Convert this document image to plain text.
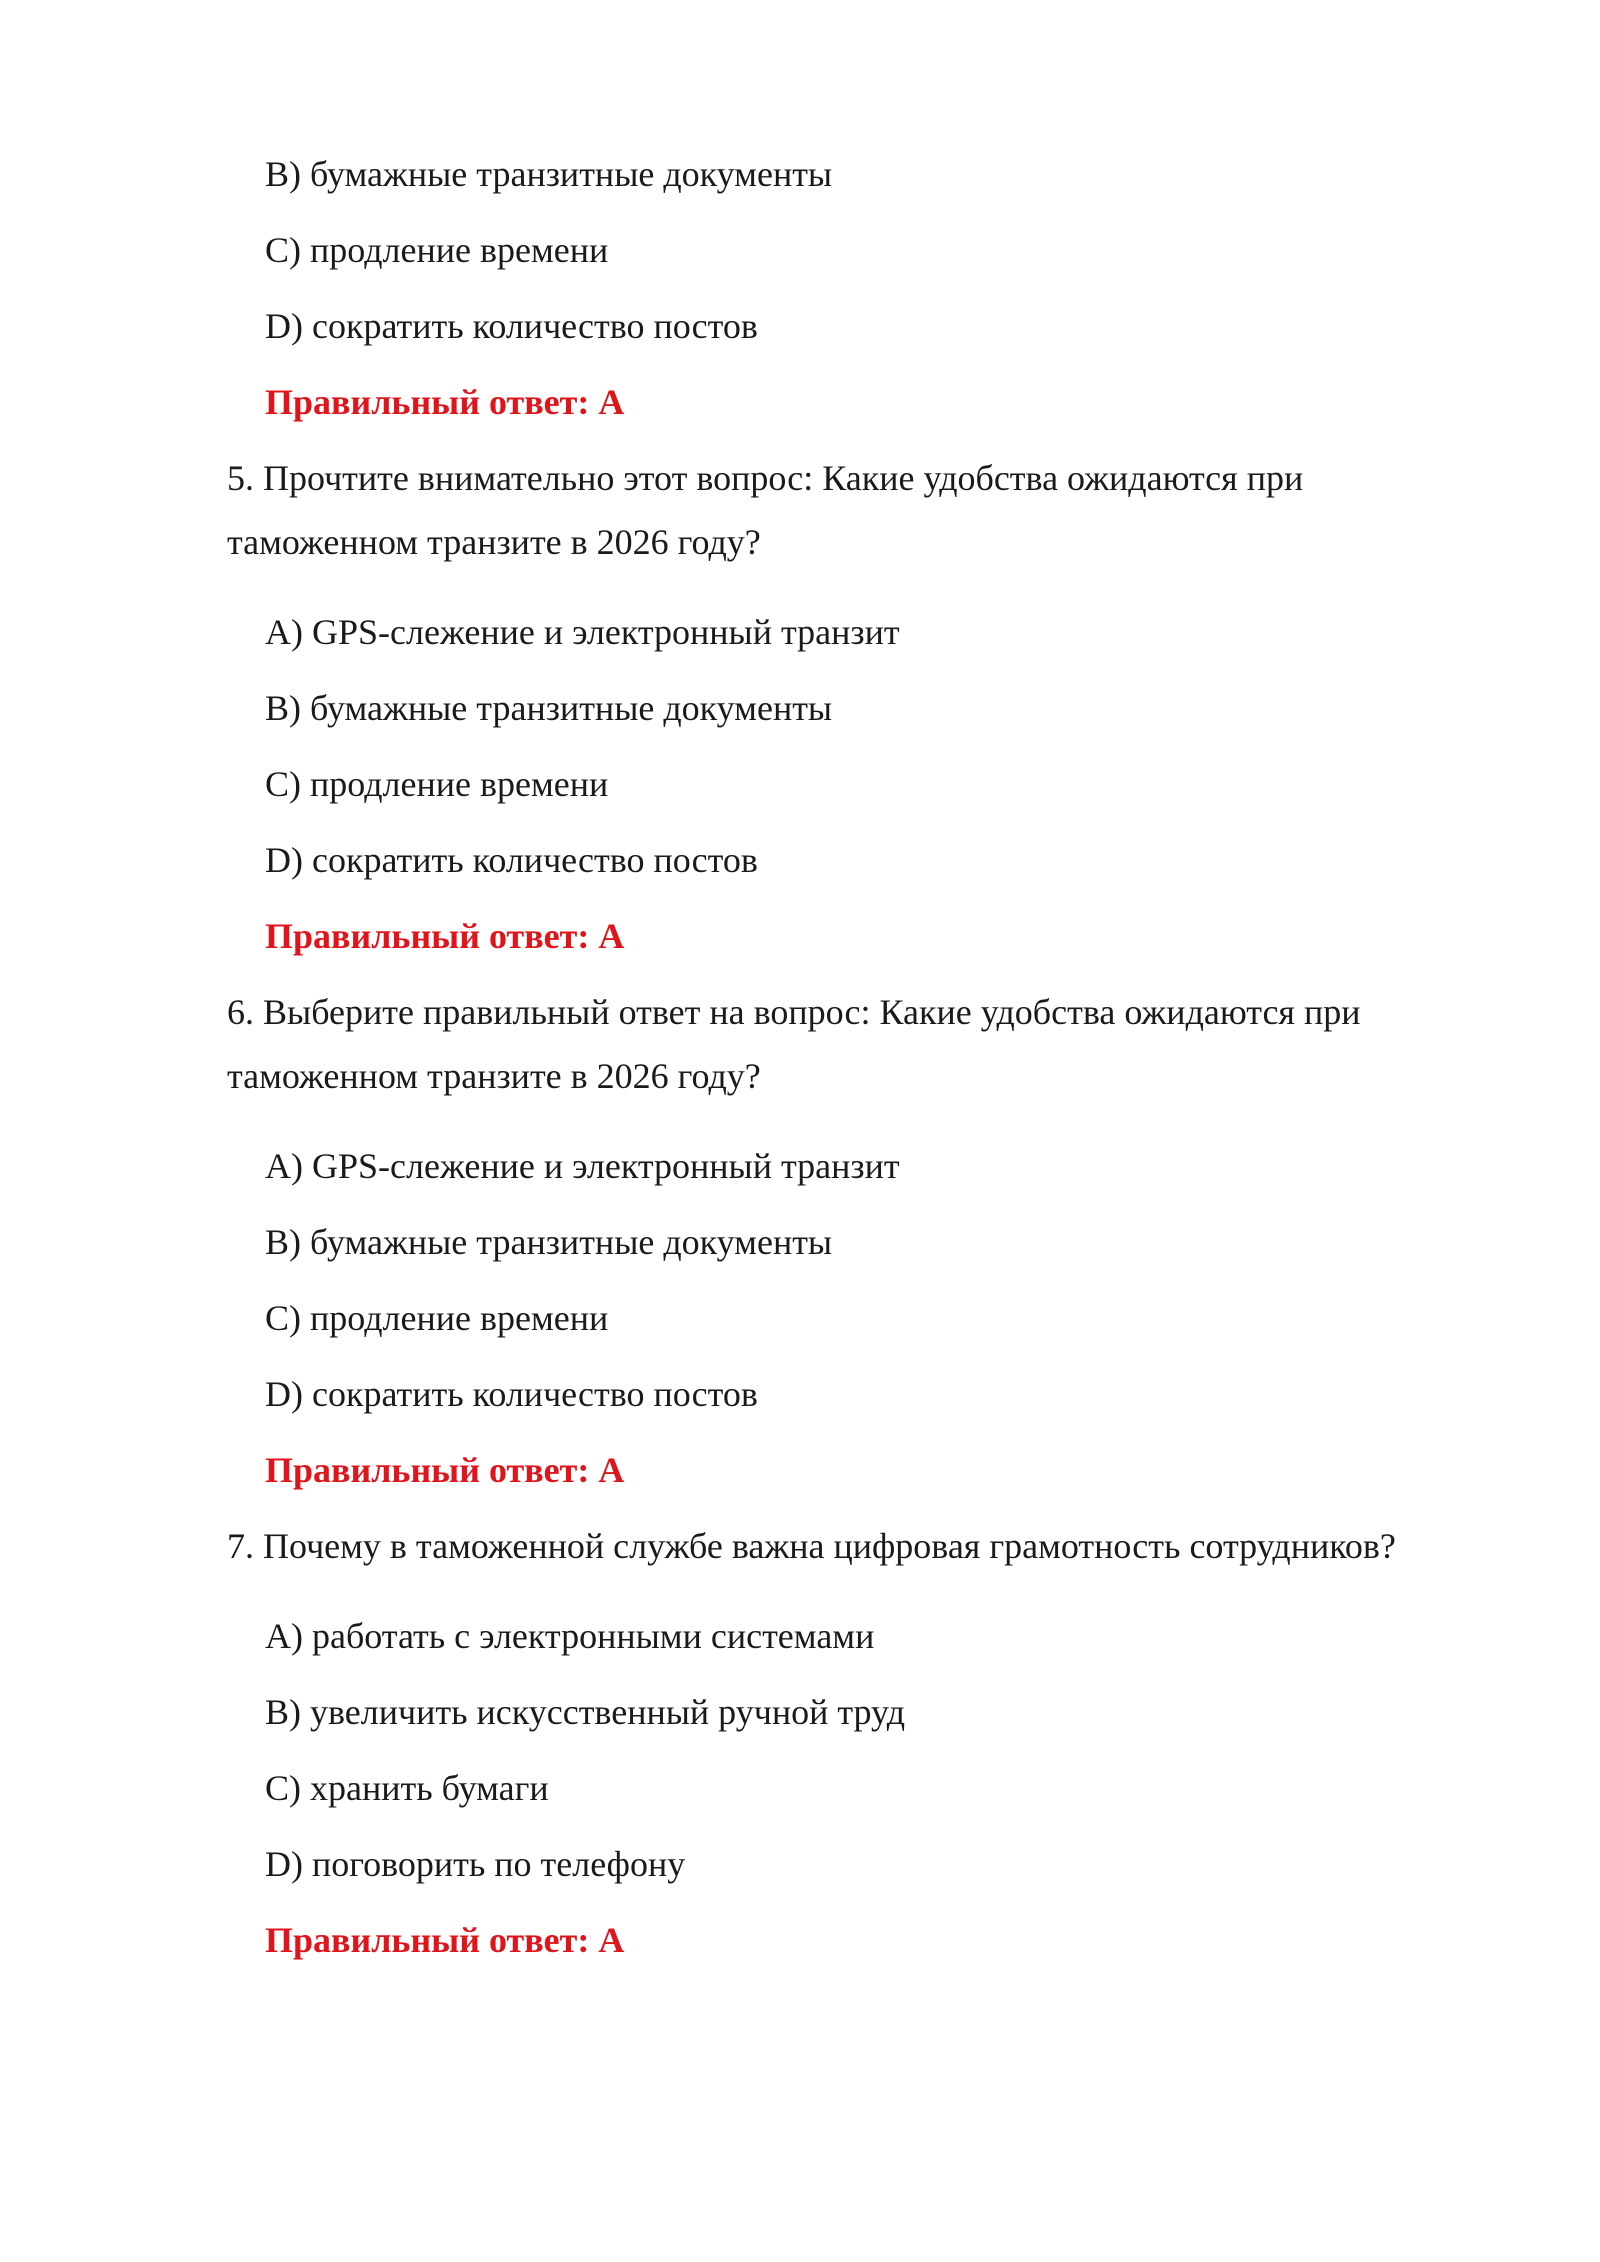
B) бумажные транзитные документы
C) продление времени
D) сократить количество постов
Правильный ответ: A
5. Прочтите внимательно этот вопрос: Какие удобства ожидаются при
таможенном транзите в 2026 году?
A) GPS-слежение и электронный транзит
B) бумажные транзитные документы
C) продление времени
D) сократить количество постов
Правильный ответ: A
6. Выберите правильный ответ на вопрос: Какие удобства ожидаются при
таможенном транзите в 2026 году?
A) GPS-слежение и электронный транзит
B) бумажные транзитные документы
C) продление времени
D) сократить количество постов
Правильный ответ: A
7. Почему в таможенной службе важна цифровая грамотность сотрудников?
A) работать с электронными системами
B) увеличить искусственный ручной труд
C) хранить бумаги
D) поговорить по телефону
Правильный ответ: A
